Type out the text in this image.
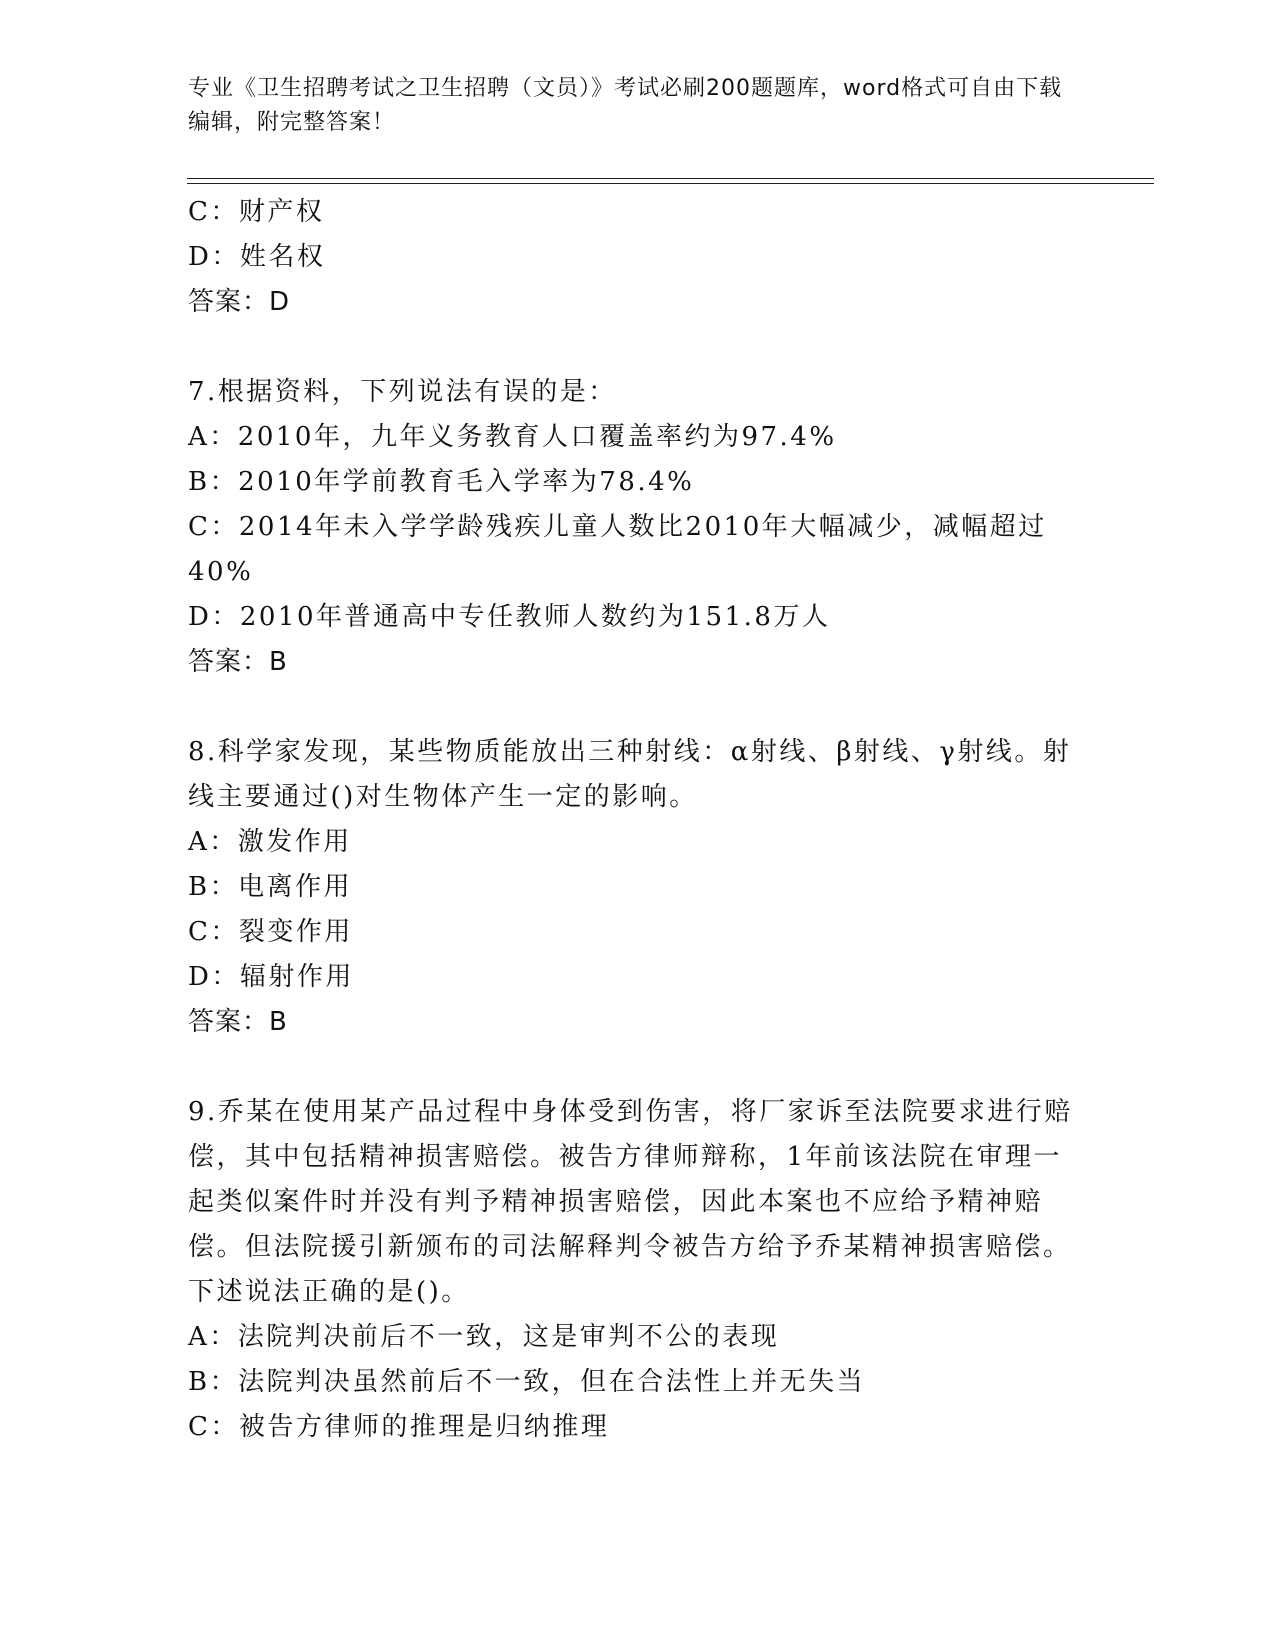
专业《卫生招聘考试之卫生招聘（文员）》考试必刷200题题库，word格式可自由下载编辑，附完整答案！
C：财产权
D：姓名权
答案：D
7.根据资料，下列说法有误的是：
A：2010年，九年义务教育人口覆盖率约为97.4%
B：2010年学前教育毛入学率为78.4%
C：2014年未入学学龄残疾儿童人数比2010年大幅减少，减幅超过40%
D：2010年普通高中专任教师人数约为151.8万人
答案：B
8.科学家发现，某些物质能放出三种射线：α射线、β射线、γ射线。射线主要通过()对生物体产生一定的影响。
A：激发作用
B：电离作用
C：裂变作用
D：辐射作用
答案：B
9.乔某在使用某产品过程中身体受到伤害，将厂家诉至法院要求进行赔偿，其中包括精神损害赔偿。被告方律师辩称，1年前该法院在审理一起类似案件时并没有判予精神损害赔偿，因此本案也不应给予精神赔偿。但法院援引新颁布的司法解释判令被告方给予乔某精神损害赔偿。下述说法正确的是()。
A：法院判决前后不一致，这是审判不公的表现
B：法院判决虽然前后不一致，但在合法性上并无失当
C：被告方律师的推理是归纳推理
